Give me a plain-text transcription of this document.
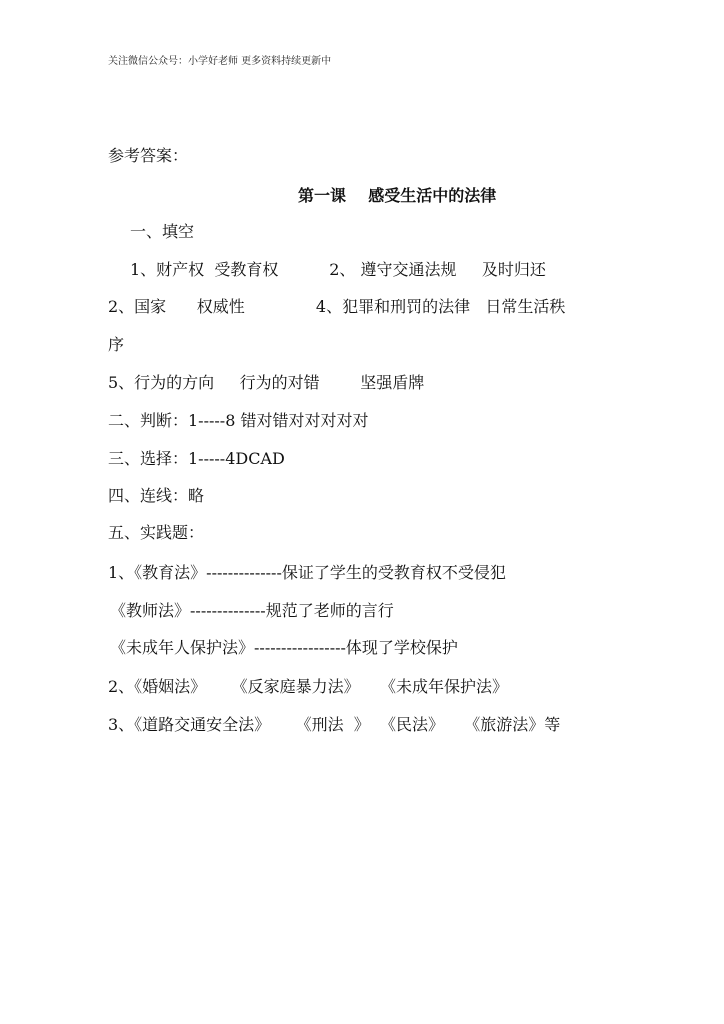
关注微信公众号：小学好老师 更多资料持续更新中
参考答案：
第一课    感受生活中的法律
一、填空
1、财产权  受教育权          2、 遵守交通法规     及时归还
2、国家      权威性              4、犯罪和刑罚的法律   日常生活秩
序
5、行为的方向     行为的对错        坚强盾牌
二、判断：1-----8 错对错对对对对对
三、选择：1-----4DCAD
四、连线：略
五、实践题：
1、《教育法》--------------保证了学生的受教育权不受侵犯
《教师法》--------------规范了老师的言行
《未成年人保护法》-----------------体现了学校保护
2、《婚姻法》     《反家庭暴力法》    《未成年保护法》
3、《道路交通安全法》     《刑法  》  《民法》    《旅游法》等
